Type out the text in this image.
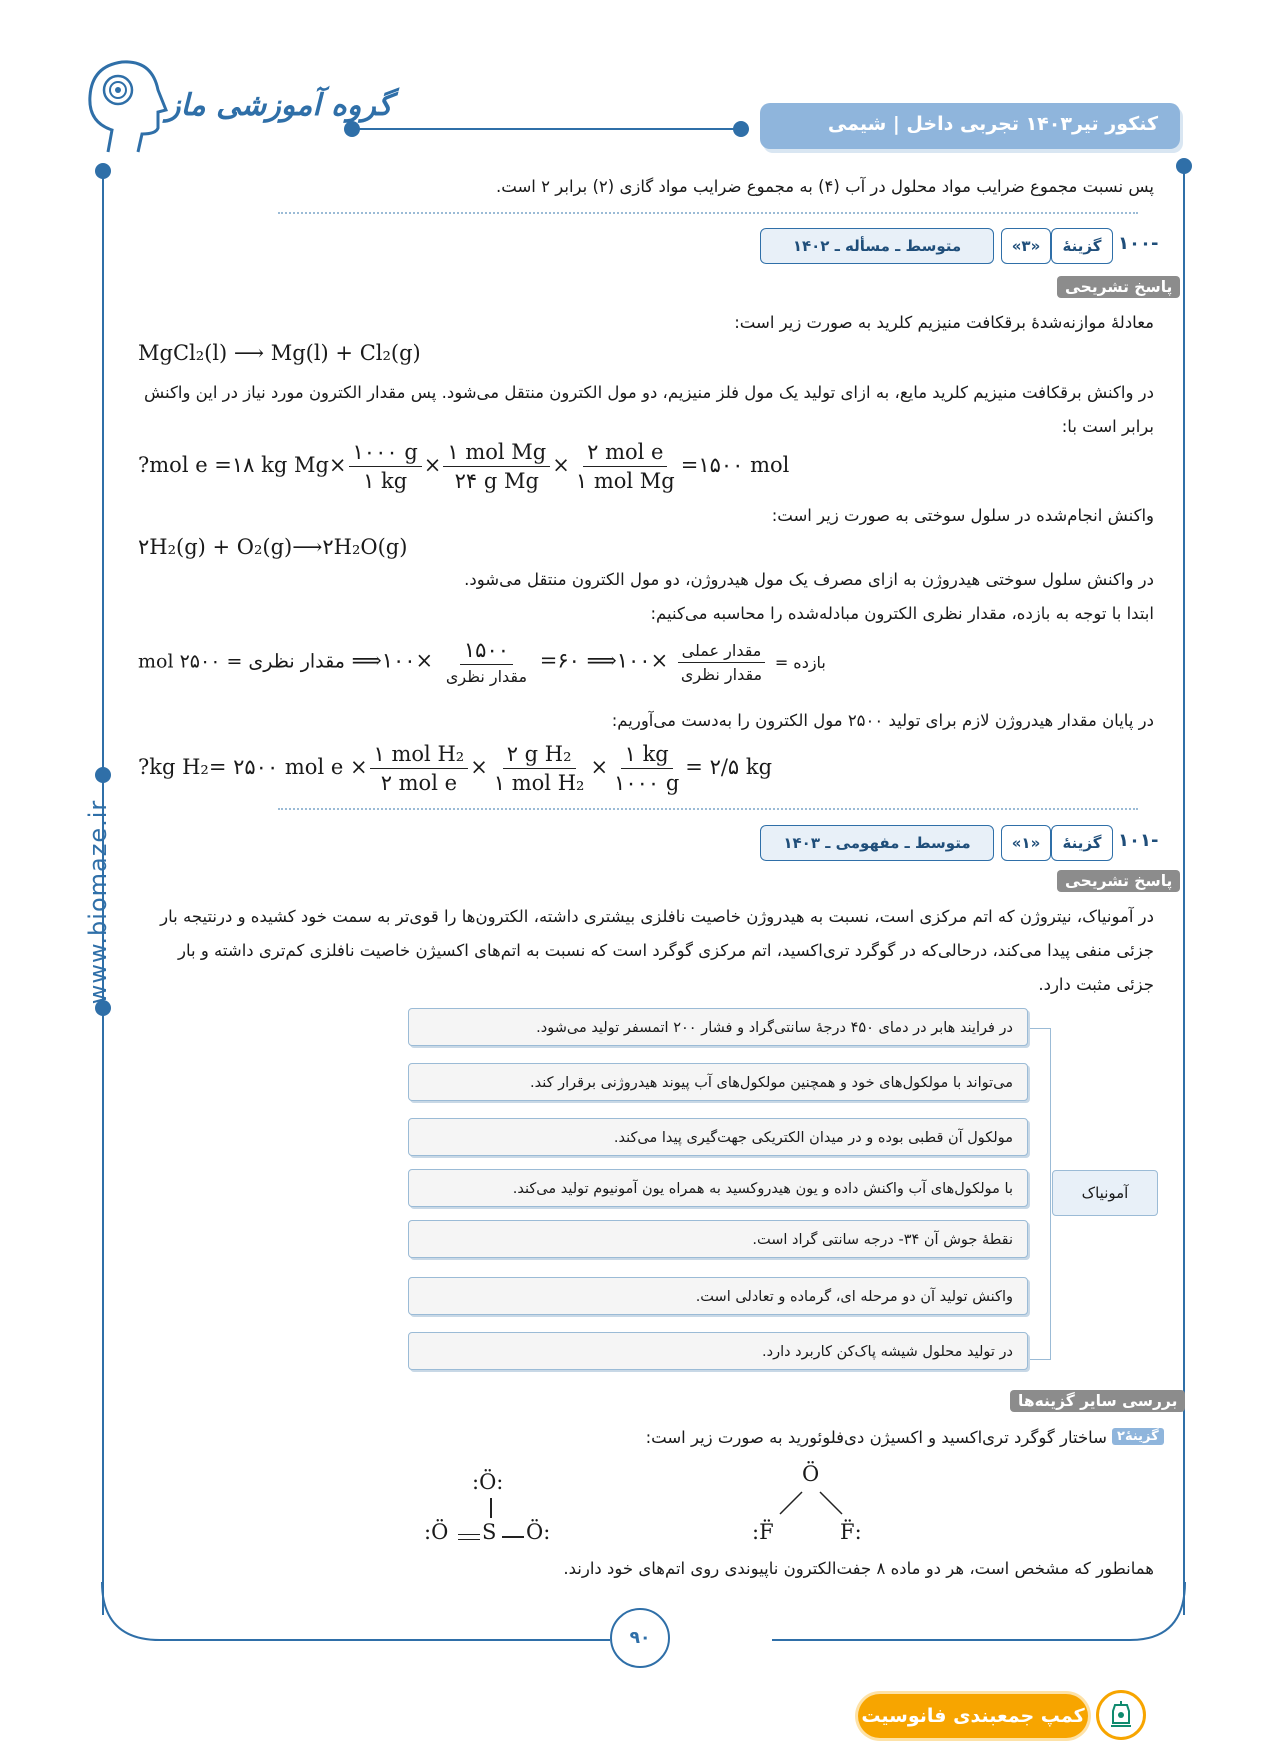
گروه آموزشی ماز
کنکور تیر۱۴۰۳ تجربی داخل | شیمی
www.biomaze.ir
پس نسبت مجموع ضرایب مواد محلول در آب (۴) به مجموع ضرایب مواد گازی (۲) برابر ۲ است.
-۱۰۰
گزینۀ
«۳»
متوسط ـ مسأله ـ ۱۴۰۲
پاسخ تشریحی
معادلۀ موازنه‌شدۀ برقکافت منیزیم کلرید به صورت زیر است:
MgCl₂(l) ⟶ Mg(l) + Cl₂(g)
در واکنش برقکافت منیزیم کلرید مایع، به ازای تولید یک مول فلز منیزیم، دو مول الکترون منتقل می‌شود. پس مقدار الکترون مورد نیاز در این واکنش برابر است با:
?mol e =۱۸ kg $Mg\times \frac{۱۰۰۰ g}{۱ kg} \times \frac{\text{۱ mol Mg}}{\text{۲۴ g Mg}} \times \frac{\text{۲ mol e}}{\text{۱ mol Mg}}$ =۱۵۰۰ mol
واکنش انجام‌شده در سلول سوختی به صورت زیر است:
۲H₂(g) + O₂(g)⟶۲H₂O(g)
در واکنش سلول سوختی هیدروژن به ازای مصرف یک مول هیدروژن، دو مول الکترون منتقل می‌شود.
ابتدا با توجه به بازده، مقدار نظری الکترون مبادله‌شده را محاسبه می‌کنیم:
بازده =
$\frac{\text{مقدار عملی}}{\text{مقدار نظری}}$
×۱۰۰⟹ ۶۰=
$\frac{۱۵۰۰}{\text{مقدار نظری}}$
×۱۰۰⟹ مقدار نظری = ۲۵۰۰ mol
در پایان مقدار هیدروژن لازم برای تولید ۲۵۰۰ مول الکترون را به‌دست می‌آوریم:
?kg H₂= ۲۵۰۰ mol $e \times \frac{\text{۱ mol H₂}}{\text{۲ mol e}} \times \frac{\text{۲ g H₂}}{\text{۱ mol H₂}} \times \frac{۱ kg}{۱۰۰۰ g}$ = ۲/۵ kg
-۱۰۱
گزینۀ
«۱»
متوسط ـ مفهومی ـ ۱۴۰۳
پاسخ تشریحی
در آمونیاک، نیتروژن که اتم مرکزی است، نسبت به هیدروژن خاصیت نافلزی بیشتری داشته، الکترون‌ها را قوی‌تر به سمت خود کشیده و درنتیجه بار جزئی منفی پیدا می‌کند، درحالی‌که در گوگرد تری‌اکسید، اتم مرکزی گوگرد است که نسبت به اتم‌های اکسیژن خاصیت نافلزی کم‌تری داشته و بار جزئی مثبت دارد.
آمونیاک
در فرایند هابر در دمای ۴۵۰ درجۀ سانتی‌گراد و فشار ۲۰۰ اتمسفر تولید می‌شود.
می‌تواند با مولکول‌های خود و همچنین مولکول‌های آب پیوند هیدروژنی برقرار کند.
مولکول آن قطبی بوده و در میدان الکتریکی جهت‌گیری پیدا می‌کند.
با مولکول‌های آب واکنش داده و یون هیدروکسید به همراه یون آمونیوم تولید می‌کند.
نقطۀ جوش آن ۳۴- درجه سانتی گراد است.
واکنش تولید آن دو مرحله ای، گرماده و تعادلی است.
در تولید محلول شیشه پاک‌کن کاربرد دارد.
بررسی سایر گزینه‌ها
گزینۀ۲
ساختار گوگرد تری‌اکسید و اکسیژن دی‌فلوئورید به صورت زیر است:
:Ö:
:Ö S Ö:
Ö
:F̈	F̈:
همانطور که مشخص است، هر دو ماده ۸ جفت‌الکترون ناپیوندی روی اتم‌های خود دارند.
۹۰
کمپ جمعبندی فانوسیت
